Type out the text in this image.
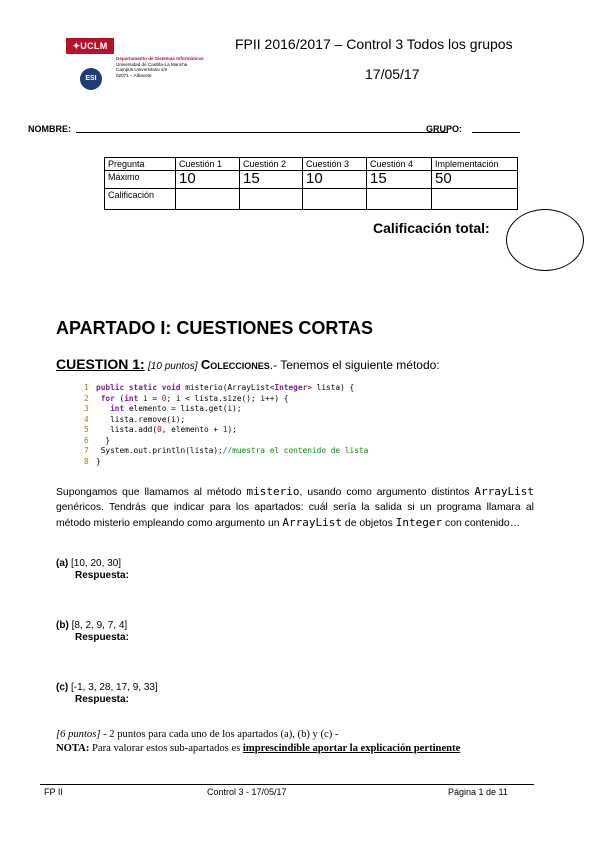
✦UCLM
Departamento de Sistemas Informáticos
Universidad de Castilla-La Mancha
Campus Universitario s/n
02071 – Albacete
ESI
FPII 2016/2017 – Control 3 Todos los grupos
17/05/17
NOMBRE:	GRUPO:
Pregunta	Cuestión 1	Cuestión 2	Cuestión 3	Cuestión 4	Implementación
Máximo	10	15	10	15	50
Calificación					
Calificación total:
APARTADO I: CUESTIONES CORTAS
CUESTION 1: [10 puntos] Colecciones.- Tenemos el siguiente método:
1 public static void misterio(ArrayList<Integer> lista) {
2 for (int i = 0; i < lista.size(); i++) {
3	int elemento = lista.get(i);
4   lista.remove(i);
5   lista.add(0, elemento + 1);
6  }
7 System.out.println(lista);//muestra el contenido de lista
8 }
Supongamos que llamamos al método misterio, usando como argumento distintos ArrayList genéricos. Tendrás que indicar para los apartados: cuál sería la salida si un programa llamara al método misterio empleando como argumento un ArrayList de objetos Integer con contenido…
(a) [10, 20, 30]
Respuesta:
(b) [8, 2, 9, 7, 4]
Respuesta:
(c) [-1, 3, 28, 17, 9, 33]
Respuesta:
[6 puntos] - 2 puntos para cada uno de los apartados (a), (b) y (c) -
NOTA: Para valorar estos sub-apartados es imprescindible aportar la explicación pertinente
FP II	Control 3 - 17/05/17	Página 1 de 11
